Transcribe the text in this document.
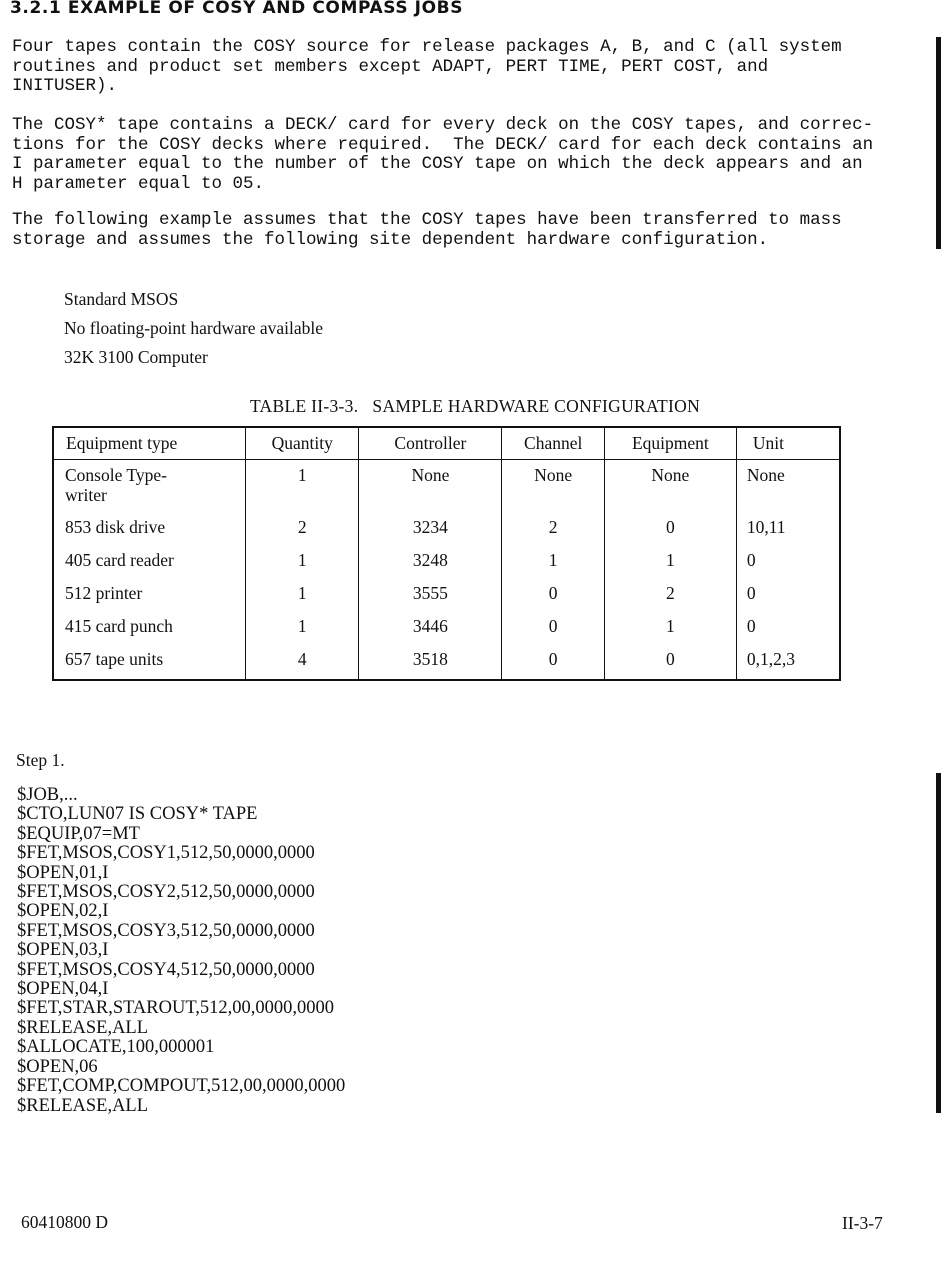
3.2.1 EXAMPLE OF COSY AND COMPASS JOBS
Four tapes contain the COSY source for release packages A, B, and C (all system
routines and product set members except ADAPT, PERT TIME, PERT COST, and
INITUSER).
The COSY* tape contains a DECK/ card for every deck on the COSY tapes, and correc-
tions for the COSY decks where required.  The DECK/ card for each deck contains an
I parameter equal to the number of the COSY tape on which the deck appears and an
H parameter equal to 05.
The following example assumes that the COSY tapes have been transferred to mass
storage and assumes the following site dependent hardware configuration.
Standard MSOS
No floating-point hardware available
32K 3100 Computer
TABLE II-3-3.   SAMPLE HARDWARE CONFIGURATION
Equipment type	Quantity	Controller	Channel	Equipment	Unit
Console Type-
writer	1	None	None	None	None
853 disk drive	2	3234	2	0	10,11
405 card reader	1	3248	1	1	0
512 printer	1	3555	0	2	0
415 card punch	1	3446	0	1	0
657 tape units	4	3518	0	0	0,1,2,3
Step 1.
$JOB,...
$CTO,LUN07 IS COSY* TAPE
$EQUIP,07=MT
$FET,MSOS,COSY1,512,50,0000,0000
$OPEN,01,I
$FET,MSOS,COSY2,512,50,0000,0000
$OPEN,02,I
$FET,MSOS,COSY3,512,50,0000,0000
$OPEN,03,I
$FET,MSOS,COSY4,512,50,0000,0000
$OPEN,04,I
$FET,STAR,STAROUT,512,00,0000,0000
$RELEASE,ALL
$ALLOCATE,100,000001
$OPEN,06
$FET,COMP,COMPOUT,512,00,0000,0000
$RELEASE,ALL
60410800 D	II-3-7
